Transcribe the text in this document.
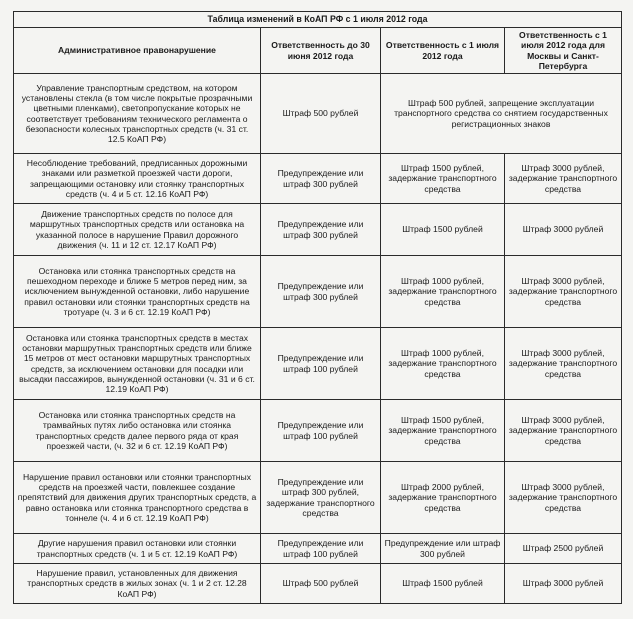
Таблица изменений в КоАП РФ с 1 июля 2012 года			
Административное правонарушение	Ответственность до 30 июня 2012 года	Ответственность с 1 июля 2012 года	Ответственность с 1 июля 2012 года для Москвы и Санкт-Петербурга
Управление транспортным средством, на котором установлены стекла (в том числе покрытые прозрачными цветными пленками), светопропускание которых не соответствует требованиям технического регламента о безопасности колесных транспортных средств (ч. 31 ст. 12.5 КоАП РФ)	Штраф 500 рублей	Штраф 500 рублей, запрещение эксплуатации транспортного средства со снятием государственных регистрационных знаков	
Несоблюдение требований, предписанных дорожными знаками или разметкой проезжей части дороги, запрещающими остановку или стоянку транспортных средств (ч. 4 и 5 ст. 12.16 КоАП РФ)	Предупреждение или штраф 300 рублей	Штраф 1500 рублей, задержание транспортного средства	Штраф 3000 рублей, задержание транспортного средства
Движение транспортных средств по полосе для маршрутных транспортных средств или остановка на указанной полосе в нарушение Правил дорожного движения (ч. 11 и 12 ст. 12.17 КоАП РФ)	Предупреждение или штраф 300 рублей	Штраф 1500 рублей	Штраф 3000 рублей
Остановка или стоянка транспортных средств на пешеходном переходе и ближе 5 метров перед ним, за исключением вынужденной остановки, либо нарушение правил остановки или стоянки транспортных средств на тротуаре (ч. 3 и 6 ст. 12.19 КоАП РФ)	Предупреждение или штраф 300 рублей	Штраф 1000 рублей, задержание транспортного средства	Штраф 3000 рублей, задержание транспортного средства
Остановка или стоянка транспортных средств в местах остановки маршрутных транспортных средств или ближе 15 метров от мест остановки маршрутных транспортных средств, за исключением остановки для посадки или высадки пассажиров, вынужденной остановки (ч. 31 и 6 ст. 12.19 КоАП РФ)	Предупреждение или штраф 100 рублей	Штраф 1000 рублей, задержание транспортного средства	Штраф 3000 рублей, задержание транспортного средства
Остановка или стоянка транспортных средств на трамвайных путях либо остановка или стоянка транспортных средств далее первого ряда от края проезжей части, (ч. 32 и 6 ст. 12.19 КоАП РФ)	Предупреждение или штраф 100 рублей	Штраф 1500 рублей, задержание транспортного средства	Штраф 3000 рублей, задержание транспортного средства
Нарушение правил остановки или стоянки транспортных средств на проезжей части, повлекшее создание препятствий для движения других транспортных средств, а равно остановка или стоянка транспортного средства в тоннеле (ч. 4 и 6 ст. 12.19 КоАП РФ)	Предупреждение или штраф 300 рублей, задержание транспортного средства	Штраф 2000 рублей, задержание транспортного средства	Штраф 3000 рублей, задержание транспортного средства
Другие нарушения правил остановки или стоянки транспортных средств (ч. 1 и 5 ст. 12.19 КоАП РФ)	Предупреждение или штраф 100 рублей	Предупреждение или штраф 300 рублей	Штраф 2500 рублей
Нарушение правил, установленных для движения транспортных средств в жилых зонах (ч. 1 и 2 ст. 12.28 КоАП РФ)	Штраф 500 рублей	Штраф 1500 рублей	Штраф 3000 рублей
